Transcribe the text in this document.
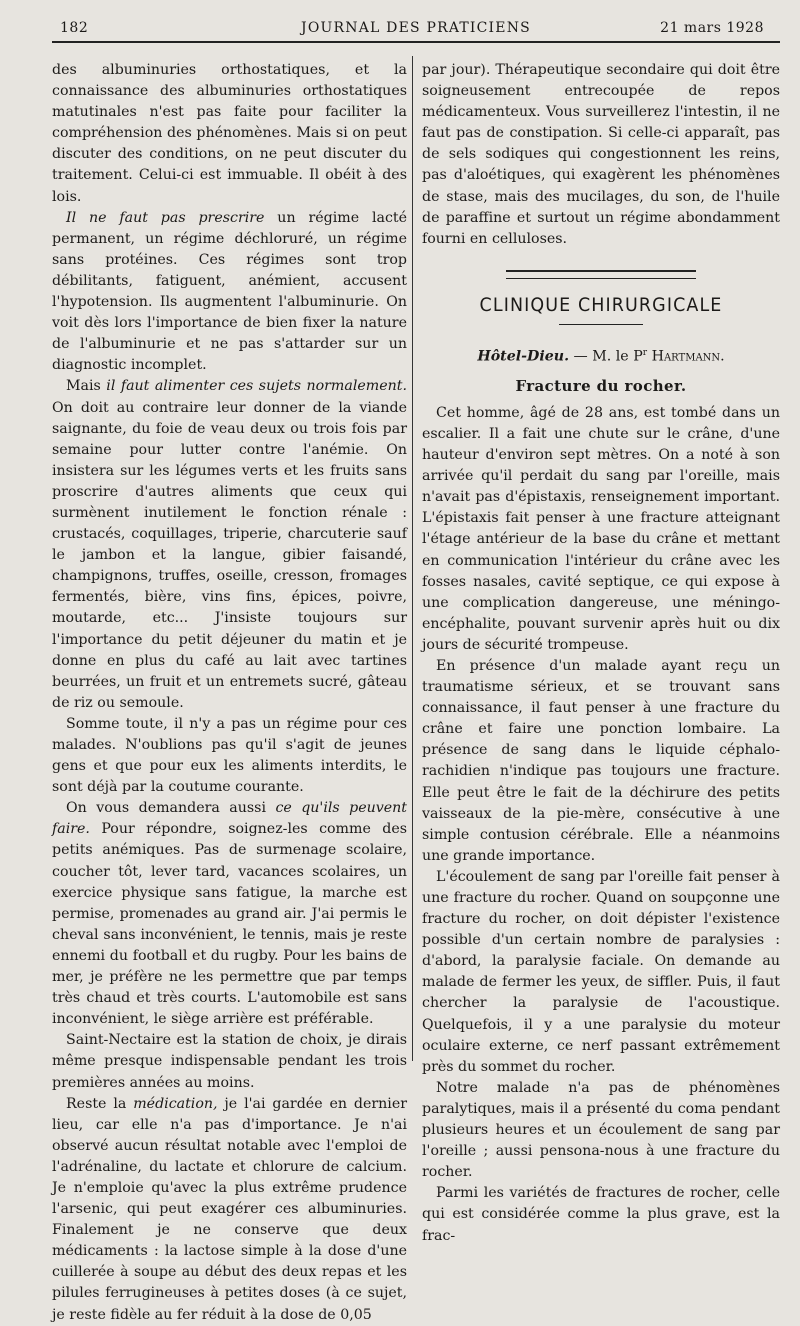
182	JOURNAL DES PRATICIENS	21 mars 1928

des albuminuries orthostatiques, et la connaissance des albuminuries orthostatiques matutinales n'est pas faite pour faciliter la compréhension des phénomènes. Mais si on peut discuter des conditions, on ne peut discuter du traitement. Celui-ci est immuable. Il obéit à des lois.

Il ne faut pas prescrire un régime lacté permanent, un régime déchloruré, un régime sans protéines. Ces régimes sont trop débilitants, fatiguent, anémient, accusent l'hypotension. Ils augmentent l'albuminurie. On voit dès lors l'importance de bien fixer la nature de l'albuminurie et ne pas s'attarder sur un diagnostic incomplet.

Mais il faut alimenter ces sujets normalement. On doit au contraire leur donner de la viande saignante, du foie de veau deux ou trois fois par semaine pour lutter contre l'anémie. On insistera sur les légumes verts et les fruits sans proscrire d'autres aliments que ceux qui surmènent inutilement le fonction rénale : crustacés, coquillages, triperie, charcuterie sauf le jambon et la langue, gibier faisandé, champignons, truffes, oseille, cresson, fromages fermentés, bière, vins fins, épices, poivre, moutarde, etc... J'insiste toujours sur l'importance du petit déjeuner du matin et je donne en plus du café au lait avec tartines beurrées, un fruit et un entremets sucré, gâteau de riz ou semoule.

Somme toute, il n'y a pas un régime pour ces malades. N'oublions pas qu'il s'agit de jeunes gens et que pour eux les aliments interdits, le sont déjà par la coutume courante.

On vous demandera aussi ce qu'ils peuvent faire. Pour répondre, soignez-les comme des petits anémiques. Pas de surmenage scolaire, coucher tôt, lever tard, vacances scolaires, un exercice physique sans fatigue, la marche est permise, promenades au grand air. J'ai permis le cheval sans inconvénient, le tennis, mais je reste ennemi du football et du rugby. Pour les bains de mer, je préfère ne les permettre que par temps très chaud et très courts. L'automobile est sans inconvénient, le siège arrière est préférable.

Saint-Nectaire est la station de choix, je dirais même presque indispensable pendant les trois premières années au moins.

Reste la médication, je l'ai gardée en dernier lieu, car elle n'a pas d'importance. Je n'ai observé aucun résultat notable avec l'emploi de l'adrénaline, du lactate et chlorure de calcium. Je n'emploie qu'avec la plus extrême prudence l'arsenic, qui peut exagérer ces albuminuries. Finalement je ne conserve que deux médicaments : la lactose simple à la dose d'une cuillerée à soupe au début des deux repas et les pilules ferrugineuses à petites doses (à ce sujet, je reste fidèle au fer réduit à la dose de 0,05

par jour). Thérapeutique secondaire qui doit être soigneusement entrecoupée de repos médicamenteux. Vous surveillerez l'intestin, il ne faut pas de constipation. Si celle-ci apparaît, pas de sels sodiques qui congestionnent les reins, pas d'aloétiques, qui exagèrent les phénomènes de stase, mais des mucilages, du son, de l'huile de paraffine et surtout un régime abondamment fourni en celluloses.

CLINIQUE CHIRURGICALE
Hôtel-Dieu. — M. le $P^r$ Hartmann.
Fracture du rocher.

Cet homme, âgé de 28 ans, est tombé dans un escalier. Il a fait une chute sur le crâne, d'une hauteur d'environ sept mètres. On a noté à son arrivée qu'il perdait du sang par l'oreille, mais n'avait pas d'épistaxis, renseignement important. L'épistaxis fait penser à une fracture atteignant l'étage antérieur de la base du crâne et mettant en communication l'intérieur du crâne avec les fosses nasales, cavité septique, ce qui expose à une complication dangereuse, une méningo-encéphalite, pouvant survenir après huit ou dix jours de sécurité trompeuse.

En présence d'un malade ayant reçu un traumatisme sérieux, et se trouvant sans connaissance, il faut penser à une fracture du crâne et faire une ponction lombaire. La présence de sang dans le liquide céphalo-rachidien n'indique pas toujours une fracture. Elle peut être le fait de la déchirure des petits vaisseaux de la pie-mère, consécutive à une simple contusion cérébrale. Elle a néanmoins une grande importance.

L'écoulement de sang par l'oreille fait penser à une fracture du rocher. Quand on soupçonne une fracture du rocher, on doit dépister l'existence possible d'un certain nombre de paralysies : d'abord, la paralysie faciale. On demande au malade de fermer les yeux, de siffler. Puis, il faut chercher la paralysie de l'acoustique. Quelquefois, il y a une paralysie du moteur oculaire externe, ce nerf passant extrêmement près du sommet du rocher.

Notre malade n'a pas de phénomènes paralytiques, mais il a présenté du coma pendant plusieurs heures et un écoulement de sang par l'oreille ; aussi pensona-nous à une fracture du rocher.

Parmi les variétés de fractures de rocher, celle qui est considérée comme la plus grave, est la frac-
